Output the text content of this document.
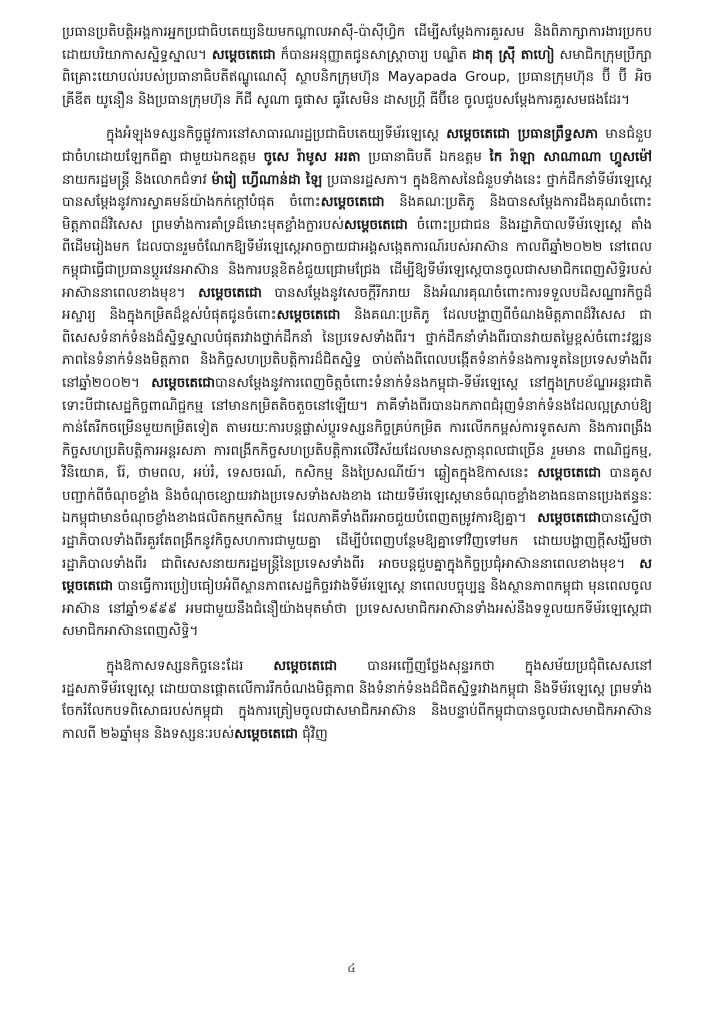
ប្រធានប្រតិបត្តិអង្គការអ្នកប្រជាធិបតេយ្យនិយមកណ្តាលអាស៊ី-ប៉ាស៊ីហ្វិក ដើម្បីសម្តែងការគួរសម និងពិភាក្សាការងារប្រកបដោយបរិយាកាសស្និទ្ធស្នាល។ សម្តេចតេជោ ក៏បានអនុញ្ញាតជូនសាស្ត្រាចារ្យ បណ្ឌិត ដាតុ ស្រ៊ី តាហៀ សមាជិកក្រុមប្រឹក្សាពិគ្រោះយោបល់របស់ប្រធានាធិបតីឥណ្ឌូណេស៊ី ស្ថាបនិកក្រុមហ៊ុន Mayapada Group, ប្រធានក្រុមហ៊ុន ប៊ី ប៊ី អិច គ្រីឌីត យូនឿន និងប្រធានក្រុមហ៊ុន ភីជី សូណា ធូផាស ធូរីសេមិន ដាសហ្គ្រី ធីប៊ីខេ ចូលជួបសម្តែងការគួរសមផងដែរ។

ក្នុងអំឡុងទស្សនកិច្ចផ្លូវការនៅសាធារណរដ្ឋប្រជាធិបតេយ្យទីម័រឡេស្តេ សម្តេចតេជោ ប្រធានព្រឹទ្ធសភា មានជំនួបជាចំហដោយឡែកពីគ្នា ជាមួយឯកឧត្តម ចូសេ រ៉ាមូស អរតា ប្រធានាធិបតី ឯកឧត្តម កៃ រ៉ាឡា សាណាណា ហ្គូសម៉ៅ នាយករដ្ឋមន្ត្រី និងលោកជំទាវ ម៉ារៀ ហ្វើណាន់ដា ឡៃ ប្រធានរដ្ឋសភា។ ក្នុងឱកាសនៃជំនួបទាំងនេះ ថ្នាក់ដឹកនាំទីម័រឡេស្តេបានសម្តែងនូវការស្វាគមន៍យ៉ាងកក់ក្តៅបំផុត ចំពោះសម្តេចតេជោ និងគណៈប្រតិភូ និងបានសម្តែងការដឹងគុណចំពោះមិត្តភាពដ៏វិសេស ព្រមទាំងការគាំទ្រដ៏មោះមុតខ្លាំងក្លារបស់សម្តេចតេជោ ចំពោះប្រជាជន និងរដ្ឋាភិបាលទីម័រឡេស្តេ តាំងពីដើមរៀងមក ដែលបានរួមចំណែកឱ្យទីម័រឡេស្តេអាចក្លាយជាអង្គសង្កេតការណ៍របស់អាស៊ាន កាលពីឆ្នាំ២០២២ នៅពេលកម្ពុជាធ្វើជាប្រធានប្តូរវេនអាស៊ាន និងការបន្តខិតខំជួយជ្រោមជ្រែង ដើម្បីឱ្យទីម័រឡេស្តេបានចូលជាសមាជិកពេញសិទ្ធិរបស់អាស៊ាននាពេលខាងមុខ។ សម្តេចតេជោ បានសម្តែងនូវសេចក្តីរីករាយ និងអំណរគុណចំពោះការទទួលបដិសណ្ឋារកិច្ចដ៏អស្ចារ្យ និងក្នុងកម្រិតដ៏ខ្ពស់បំផុតជូនចំពោះសម្តេចតេជោ និងគណៈប្រតិភូ ដែលបង្ហាញពីចំណងមិត្តភាពដ៏វិសេស ជាពិសេសទំនាក់ទំនងដ៏ស្និទ្ធស្នាលបំផុតរវាងថ្នាក់ដឹកនាំ នៃប្រទេសទាំងពីរ។ ថ្នាក់ដឹកនាំទាំងពីរបានវាយតម្លៃខ្ពស់ចំពោះវឌ្ឍនភាពនៃទំនាក់ទំនងមិត្តភាព និងកិច្ចសហប្រតិបត្តិការដ៏ជិតស្និទ្ធ ចាប់តាំងពីពេលបង្កើតទំនាក់ទំនងការទូតនៃប្រទេសទាំងពីរនៅឆ្នាំ២០០២។ សម្តេចតេជោបានសម្តែងនូវការពេញចិត្តចំពោះទំនាក់ទំនងកម្ពុជា-ទីម័រឡេស្តេ នៅក្នុងក្របខ័ណ្ឌអន្តរជាតិ ទោះបីជាសេដ្ឋកិច្ចពាណិជ្ជកម្ម នៅមានកម្រិតតិចតួចនៅឡើយ។ ភាគីទាំងពីរបានឯកភាពជំរុញទំនាក់ទំនងដែលល្អស្រាប់ឱ្យកាន់តែរីកចម្រើនមួយកម្រិតទៀត តាមរយៈការបន្តផ្លាស់ប្តូរទស្សនកិច្ចគ្រប់កម្រិត ការលើកកម្ពស់ការទូតសភា និងការពង្រឹងកិច្ចសហប្រតិបត្តិការអន្តរសភា ការពង្រីកកិច្ចសហប្រតិបត្តិការលើវិស័យដែលមានសក្តានុពលជាច្រើន រួមមាន ពាណិជ្ជកម្ម, វិនិយោគ, រ៉ែ, ថាមពល, អប់រំ, ទេសចរណ៍, កសិកម្ម និងប្រៃសណីយ៍។ ឆ្លៀតក្នុងឱកាសនេះ សម្តេចតេជោ បានគូសបញ្ជាក់ពីចំណុចខ្លាំង និងចំណុចខ្សោយរវាងប្រទេសទាំងសងខាង ដោយទីម័រឡេស្តេមានចំណុចខ្លាំងខាងធនធានប្រេងឥន្ធនៈ ឯកម្ពុជាមានចំណុចខ្លាំងខាងផលិតកម្មកសិកម្ម ដែលភាគីទាំងពីរអាចជួយបំពេញតម្រូវការឱ្យគ្នា។ សម្តេចតេជោបានស្នើថា រដ្ឋាភិបាលទាំងពីរគួរតែពង្រីកនូវកិច្ចសហការជាមួយគ្នា ដើម្បីបំពេញបន្ថែមឱ្យគ្នាទៅវិញទៅមក ដោយបង្ហាញក្តីសង្ឃឹមថា រដ្ឋាភិបាលទាំងពីរ ជាពិសេសនាយករដ្ឋមន្ត្រីនៃប្រទេសទាំងពីរ អាចបន្តជួបគ្នាក្នុងកិច្ចប្រជុំអាស៊ាននាពេលខាងមុខ។ សម្តេចតេជោ បានធ្វើការប្រៀបធៀបអំពីស្ថានភាពសេដ្ឋកិច្ចរវាងទីម័រឡេស្តេ នាពេលបច្ចុប្បន្ន និងស្ថានភាពកម្ពុជា មុនពេលចូលអាស៊ាន នៅឆ្នាំ១៩៩៩ អមជាមួយនឹងជំនឿយ៉ាងមុតមាំថា ប្រទេសសមាជិកអាស៊ានទាំងអស់នឹងទទួលយកទីម័រឡេស្តេជាសមាជិកអាស៊ានពេញសិទ្ធិ។

ក្នុងឱកាសទស្សនកិច្ចនេះដែរ សម្តេចតេជោ បានអញ្ជើញថ្លែងសុន្ទរកថា ក្នុងសម័យប្រជុំពិសេសនៅរដ្ឋសភាទីម័រឡេស្តេ ដោយបានផ្តោតលើការរីកចំណងមិត្តភាព និងទំនាក់ទំនងដ៏ជិតស្និទ្ធរវាងកម្ពុជា និងទីម័រឡេស្តេ ព្រមទាំងចែករំលែកបទពិសោធរបស់កម្ពុជា ក្នុងការត្រៀមចូលជាសមាជិកអាស៊ាន និងបន្ទាប់ពីកម្ពុជាបានចូលជាសមាជិកអាស៊ានកាលពី ២៦ឆ្នាំមុន និងទស្សនៈរបស់សម្តេចតេជោ ជុំវិញ

៤
